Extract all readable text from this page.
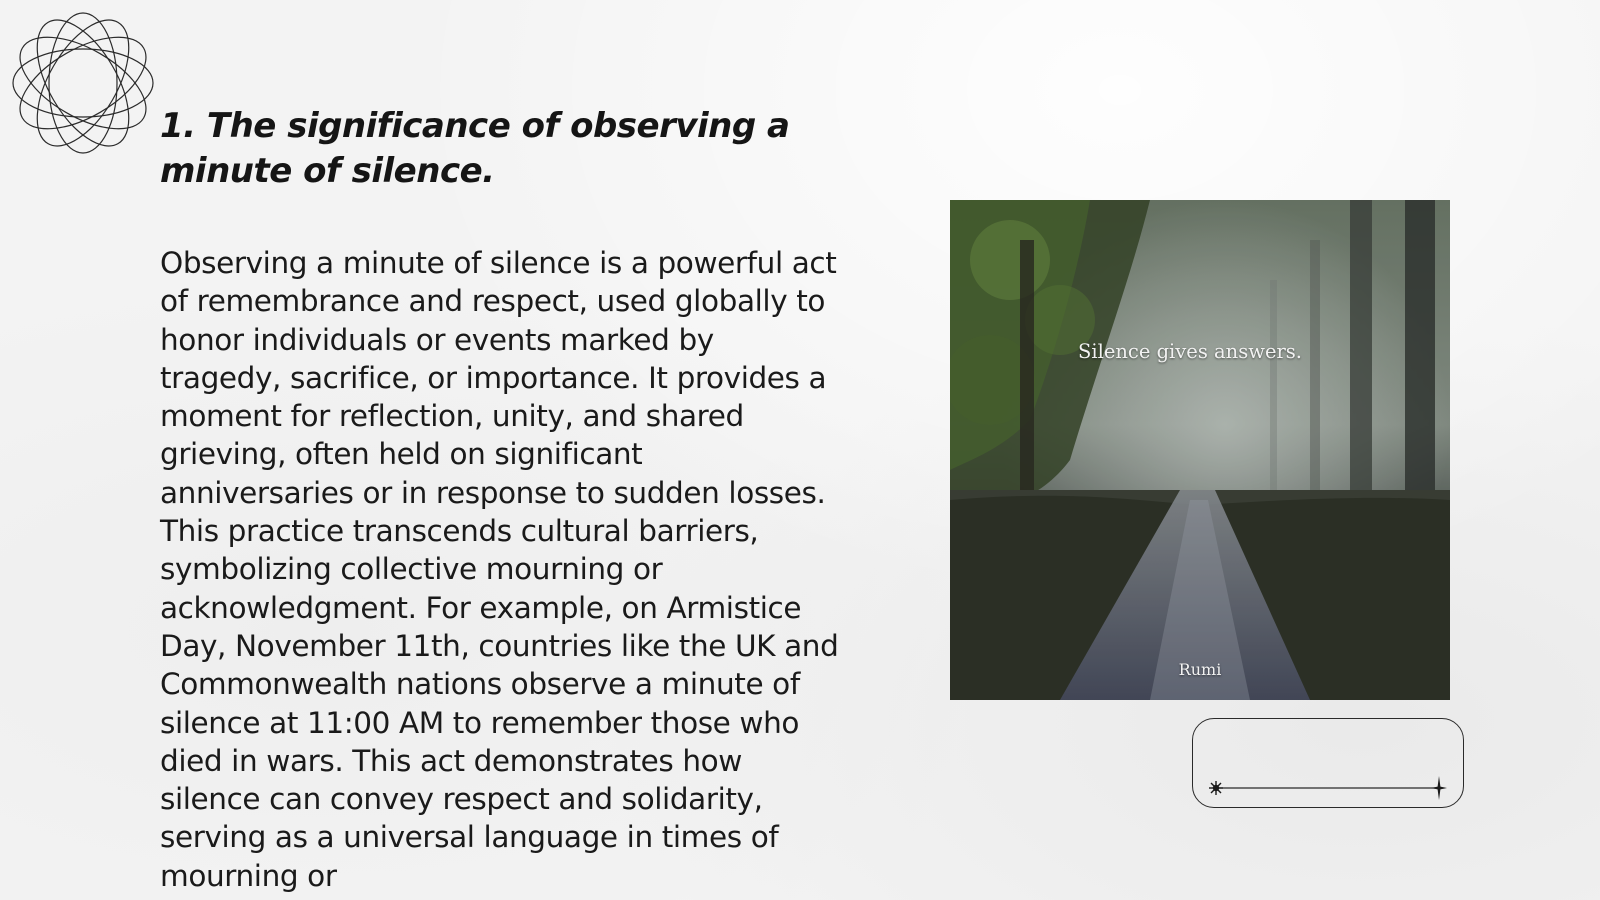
1. The significance of observing a minute of silence.

Observing a minute of silence is a powerful act of remembrance and respect, used globally to honor individuals or events marked by tragedy, sacrifice, or importance. It provides a moment for reflection, unity, and shared grieving, often held on significant anniversaries or in response to sudden losses. This practice transcends cultural barriers, symbolizing collective mourning or acknowledgment. For example, on Armistice Day, November 11th, countries like the UK and Commonwealth nations observe a minute of silence at 11:00 AM to remember those who died in wars. This act demonstrates how silence can convey respect and solidarity, serving as a universal language in times of mourning or

Silence gives answers.
Rumi
